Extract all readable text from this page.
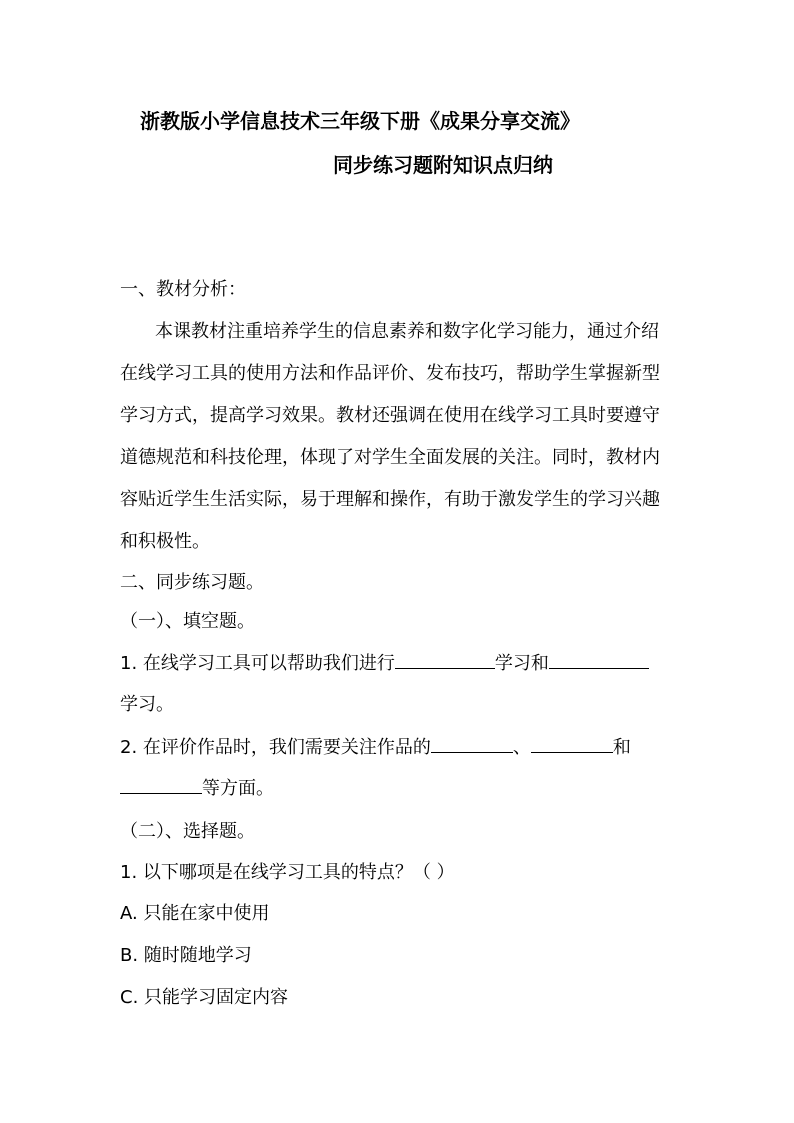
浙教版小学信息技术三年级下册《成果分享交流》
同步练习题附知识点归纳
一、教材分析：
本课教材注重培养学生的信息素养和数字化学习能力，通过介绍
在线学习工具的使用方法和作品评价、发布技巧，帮助学生掌握新型
学习方式，提高学习效果。教材还强调在使用在线学习工具时要遵守
道德规范和科技伦理，体现了对学生全面发展的关注。同时，教材内
容贴近学生生活实际，易于理解和操作，有助于激发学生的学习兴趣
和积极性。
二、同步练习题。
（一）、填空题。
1. 在线学习工具可以帮助我们进行	学习和
学习。
2. 在评价作品时，我们需要关注作品的	、	和
等方面。
（二）、选择题。
1. 以下哪项是在线学习工具的特点？（ ）
A. 只能在家中使用
B. 随时随地学习
C. 只能学习固定内容
